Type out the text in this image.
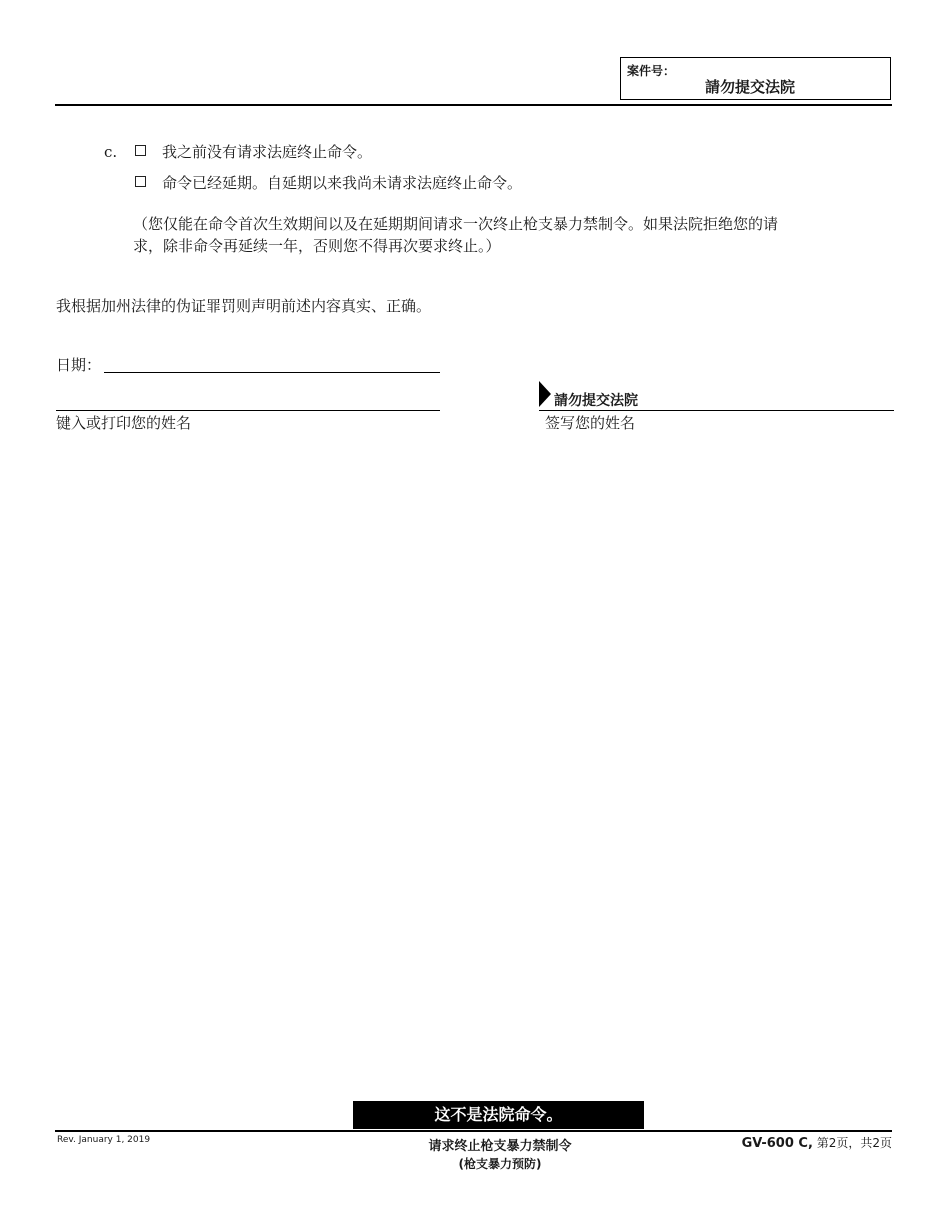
案件号：
請勿提交法院
c.	我之前没有请求法庭终止命令。
命令已经延期。自延期以来我尚未请求法庭终止命令。
（您仅能在命令首次生效期间以及在延期期间请求一次终止枪支暴力禁制令。如果法院拒绝您的请
求，除非命令再延续一年，否则您不得再次要求终止。）
我根据加州法律的伪证罪罚则声明前述内容真实、正确。
日期：
键入或打印您的姓名
請勿提交法院
签写您的姓名
这不是法院命令。
Rev. January 1, 2019	请求终止枪支暴力禁制令
(枪支暴力预防)
GV-600 C, 第2页，共2页
